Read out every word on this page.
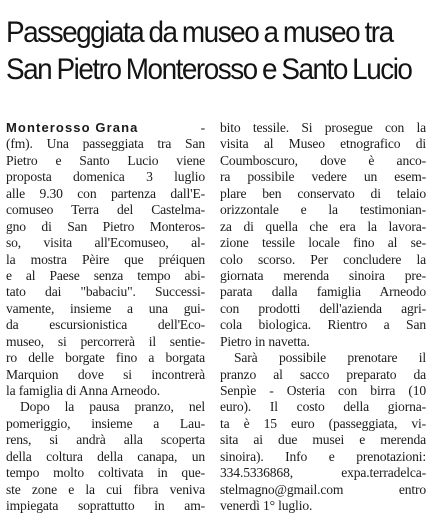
Passeggiata da museo a museo tra
San Pietro Monterosso e Santo Lucio
Monterosso Grana	-
(fm). Una passeggiata tra San
Pietro e Santo Lucio viene
proposta domenica 3 luglio
alle 9.30 con partenza dall'E-
comuseo Terra del Castelma-
gno di San Pietro Monteros-
so, visita all'Ecomuseo, al-
la mostra Pèire que préiquen
e al Paese senza tempo abi-
tato dai "babaciu". Successi-
vamente, insieme a una gui-
da escursionistica dell'Eco-
museo, si percorrerà il sentie-
ro delle borgate fino a borgata
Marquion dove si incontrerà
la famiglia di Anna Arneodo.
Dopo la pausa pranzo, nel
pomeriggio, insieme a Lau-
rens, si andrà alla scoperta
della coltura della canapa, un
tempo molto coltivata in que-
ste zone e la cui fibra veniva
impiegata soprattutto in am-
bito tessile. Si prosegue con la
visita al Museo etnografico di
Coumboscuro, dove è anco-
ra possibile vedere un esem-
plare ben conservato di telaio
orizzontale e la testimonian-
za di quella che era la lavora-
zione tessile locale fino al se-
colo scorso. Per concludere la
giornata merenda sinoira pre-
parata dalla famiglia Arneodo
con prodotti dell'azienda agri-
cola biologica. Rientro a San
Pietro in navetta.
Sarà possibile prenotare il
pranzo al sacco preparato da
Senpìe - Osteria con birra (10
euro). Il costo della giorna-
ta è 15 euro (passeggiata, vi-
sita ai due musei e merenda
sinoira). Info e prenotazioni:
334.5336868, expa.terradelca-
stelmagno@gmail.com entro
venerdì 1° luglio.
